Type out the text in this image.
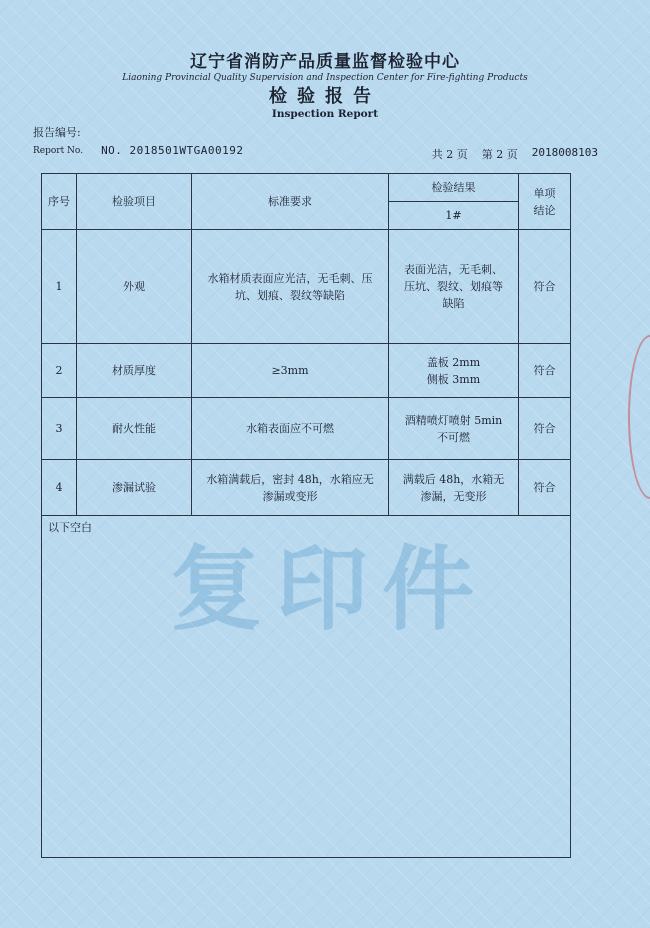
复印件
辽宁省消防产品质量监督检验中心
Liaoning Provincial Quality Supervision and Inspection Center for Fire-fighting Products
检验报告
Inspection Report
报告编号:
Report No. NO. 2018501WTGA00192	共 2 页 第 2 页 2018008103
序号	检验项目	标准要求	检验结果	单项结论
			1#	
1	外观	水箱材质表面应光洁，无毛刺、压坑、划痕、裂纹等缺陷	表面光洁，无毛刺、压坑、裂纹、划痕等缺陷	符合
2	材质厚度	≥3mm	盖板 2mm
侧板 3mm	符合
3	耐火性能	水箱表面应不可燃	酒精喷灯喷射 5min
不可燃	符合
4	渗漏试验	水箱满载后，密封 48h，水箱应无渗漏或变形	满载后 48h，水箱无渗漏，无变形	符合
以下空白				
